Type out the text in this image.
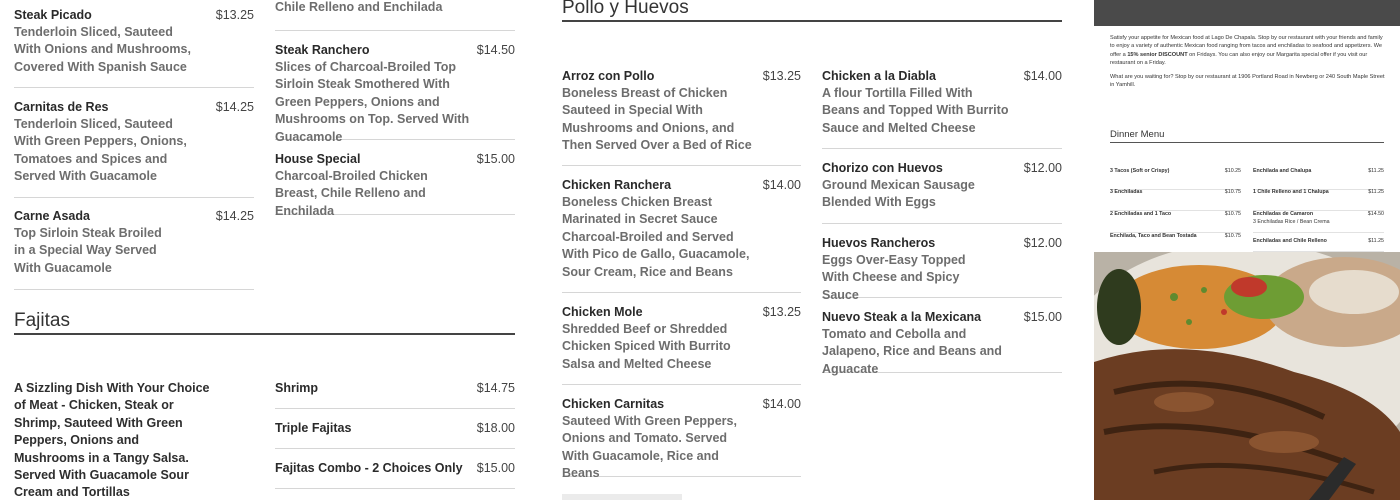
Steak Picado	$13.25
Tenderloin Sliced, Sauteed With Onions and Mushrooms, Covered With Spanish Sauce
Carnitas de Res	$14.25
Tenderloin Sliced, Sauteed With Green Peppers, Onions, Tomatoes and Spices and Served With Guacamole
Carne Asada	$14.25
Top Sirloin Steak Broiled in a Special Way Served With Guacamole
Chile Relleno and Enchilada
Steak Ranchero	$14.50
Slices of Charcoal-Broiled Top Sirloin Steak Smothered With Green Peppers, Onions and Mushrooms on Top. Served With Guacamole
House Special	$15.00
Charcoal-Broiled Chicken Breast, Chile Relleno and Enchilada
Fajitas
A Sizzling Dish With Your Choice of Meat - Chicken, Steak or Shrimp, Sauteed With Green Peppers, Onions and Mushrooms in a Tangy Salsa. Served With Guacamole Sour Cream and Tortillas
Shrimp	$14.75
Triple Fajitas	$18.00
Fajitas Combo - 2 Choices Only	$15.00
Pollo y Huevos
Arroz con Pollo	$13.25
Boneless Breast of Chicken Sauteed in Special With Mushrooms and Onions, and Then Served Over a Bed of Rice
Chicken Ranchera	$14.00
Boneless Chicken Breast Marinated in Secret Sauce Charcoal-Broiled and Served With Pico de Gallo, Guacamole, Sour Cream, Rice and Beans
Chicken Mole	$13.25
Shredded Beef or Shredded Chicken Spiced With Burrito Salsa and Melted Cheese
Chicken Carnitas	$14.00
Sauteed With Green Peppers, Onions and Tomato. Served With Guacamole, Rice and Beans
Chicken a la Diabla	$14.00
A flour Tortilla Filled With Beans and Topped With Burrito Sauce and Melted Cheese
Chorizo con Huevos	$12.00
Ground Mexican Sausage Blended With Eggs
Huevos Rancheros	$12.00
Eggs Over-Easy Topped With Cheese and Spicy Sauce
Nuevo Steak a la Mexicana	$15.00
Tomato and Cebolla and Jalapeno, Rice and Beans and Aguacate
Satisfy your appetite for Mexican food at Lago De Chapala. Stop by our restaurant with your friends and family to enjoy a variety of authentic Mexican food ranging from tacos and enchiladas to seafood and appetizers. We offer a 15% senior DISCOUNT on Fridays. You can also enjoy our Margarita special offer if you visit our restaurant on a Friday.
What are you waiting for? Stop by our restaurant at 1906 Portland Road in Newberg or 240 South Maple Street in Yamhill.
Dinner Menu
3 Tacos (Soft or Crispy)	$10.25
3 Enchiladas	$10.75
2 Enchiladas and 1 Taco	$10.75
Enchilada, Taco and Bean Tostada	$10.75
Enchilada and Chalupa	$11.25
1 Chile Relleno and 1 Chalupa	$11.25
Enchiladas de Camaron	$14.50
3 Enchiladas Rice / Bean Crema
Enchiladas and Chile Relleno	$11.25
